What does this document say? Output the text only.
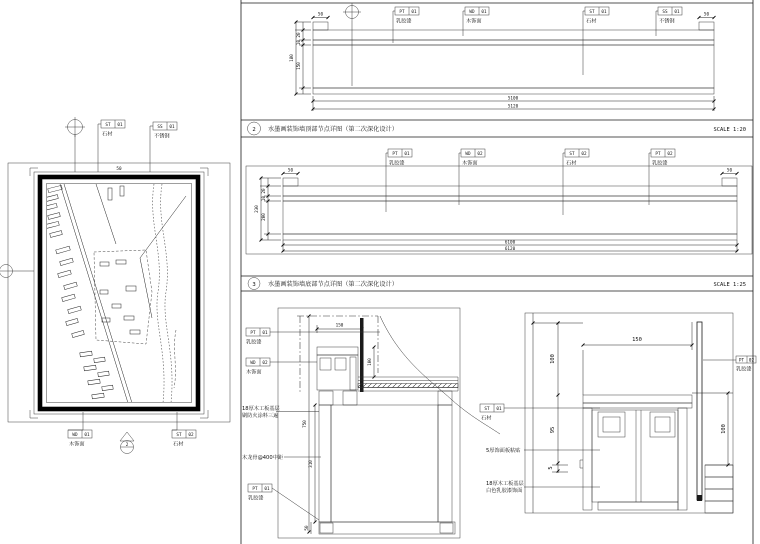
50
ST 01
石材
SS 01
不锈钢
WD 01
木饰面	2
ST 02
石材
50	50
PT 01
乳胶漆
WD 01
木饰面
ST 01
石材
SS 01
不锈钢
20
10
150
180
5100
5120
2 水墨画装饰墙顶部节点详图（第二次深化设计）	SCALE 1:20
50	50
PT 01
乳胶漆
WD 02
木饰面
ST 02
石材
PT 02
乳胶漆
20
10
200
230
6100
6120
3 水墨画装饰墙底部节点详图（第二次深化设计）	SCALE 1:25
150
100
750
310
50
PT 01
乳胶漆
WD 02
木饰面
18厚木工板基层
刷防火涂料三遍
木龙骨@400中距
PT 01
乳胶漆
ST 01
石材
5厚饰面板粘贴
18厚木工板基层
白色乳胶漆饰面
100
95
5
150
100
PT 02
乳胶漆
